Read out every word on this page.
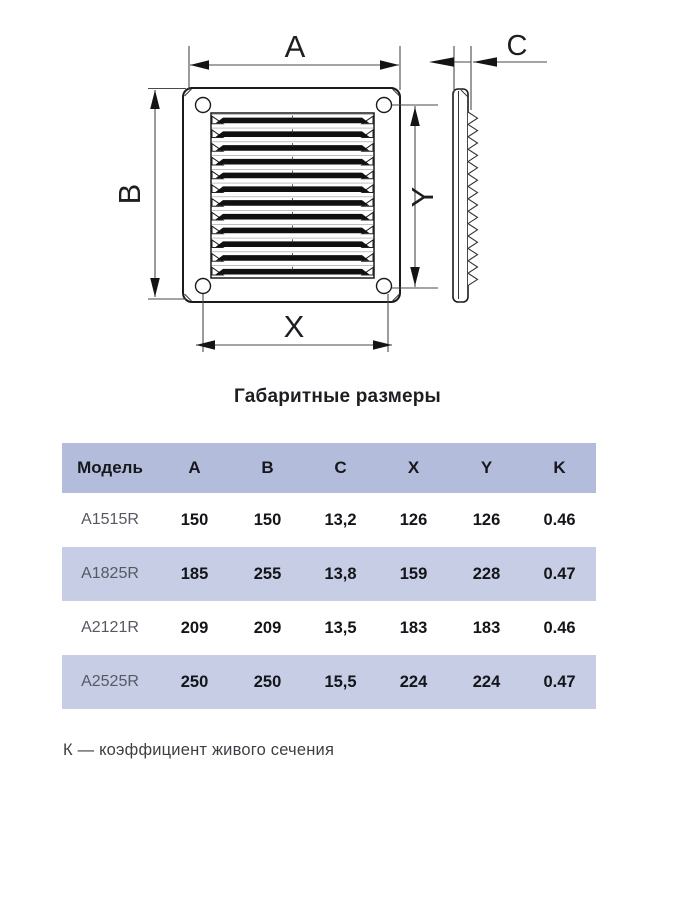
A
B
X
Y
C
Габаритные размеры
Модель	A	B	C	X	Y	K
A1515R	150	150	13,2	126	126	0.46
A1825R	185	255	13,8	159	228	0.47
A2121R	209	209	13,5	183	183	0.46
A2525R	250	250	15,5	224	224	0.47
К — коэффициент живого сечения
